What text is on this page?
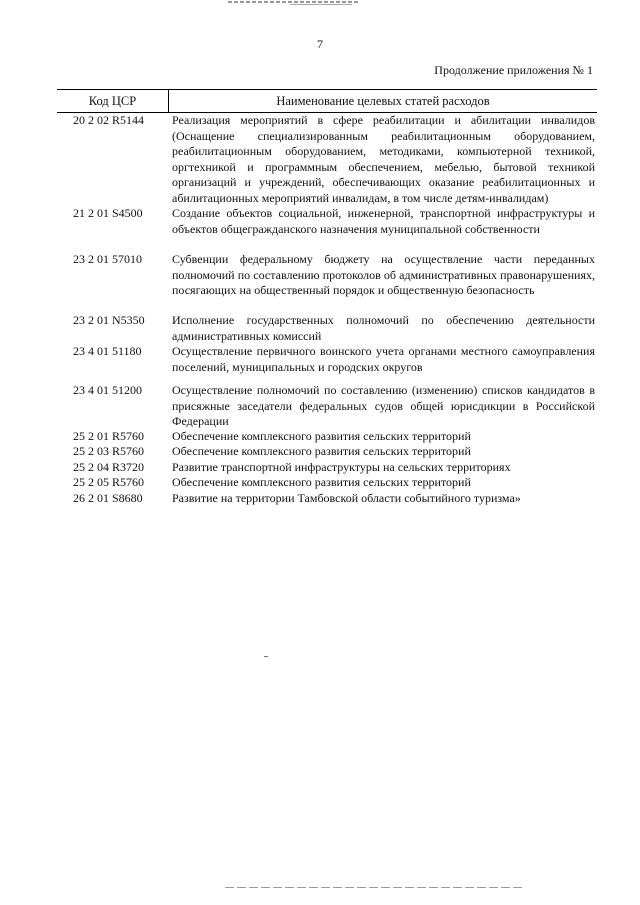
7
Продолжение приложения № 1
Код ЦСР	Наименование целевых статей расходов
20 2 02 R5144	Реализация мероприятий в сфере реабилитации и абилитации инвалидов (Оснащение специализированным реабилитационным оборудованием, реабилитационным оборудованием, методиками, компьютерной техникой, оргтехникой и программным обеспечением, мебелью, бытовой техникой организаций и учреждений, обеспечивающих оказание реабилитационных и абилитационных мероприятий инвалидам, в том числе детям-инвалидам)
21 2 01 S4500	Создание объектов социальной, инженерной, транспортной инфраструктуры и объектов общегражданского назначения муниципальной собственности
23 2 01 57010	Субвенции федеральному бюджету на осуществление части переданных полномочий по составлению протоколов об административных правонарушениях, посягающих на общественный порядок и общественную безопасность
23 2 01 N5350	Исполнение государственных полномочий по обеспечению деятельности административных комиссий
23 4 01 51180	Осуществление первичного воинского учета органами местного самоуправления поселений, муниципальных и городских округов
23 4 01 51200	Осуществление полномочий по составлению (изменению) списков кандидатов в присяжные заседатели федеральных судов общей юрисдикции в Российской Федерации
25 2 01 R5760	Обеспечение комплексного развития сельских территорий
25 2 03 R5760	Обеспечение комплексного развития сельских территорий
25 2 04 R3720	Развитие транспортной инфраструктуры на сельских территориях
25 2 05 R5760	Обеспечение комплексного развития сельских территорий
26 2 01 S8680	Развитие на территории Тамбовской области событийного туризма»
